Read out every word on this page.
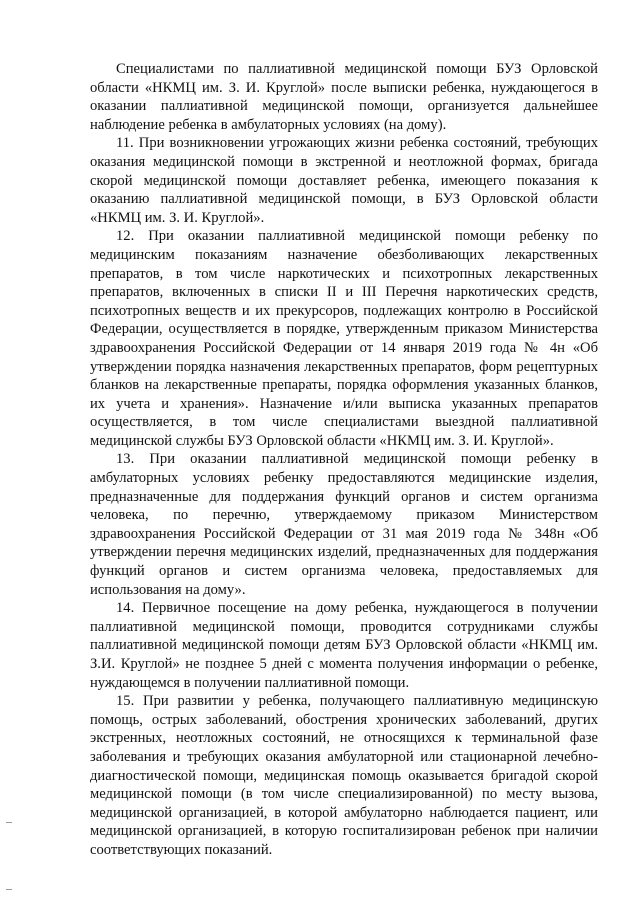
Специалистами по паллиативной медицинской помощи БУЗ Орловской области «НКМЦ им. З. И. Круглой» после выписки ребенка, нуждающегося в оказании паллиативной медицинской помощи, организуется дальнейшее наблюдение ребенка в амбулаторных условиях (на дому).

11. При возникновении угрожающих жизни ребенка состояний, требующих оказания медицинской помощи в экстренной и неотложной формах, бригада скорой медицинской помощи доставляет ребенка, имеющего показания к оказанию паллиативной медицинской помощи, в БУЗ Орловской области «НКМЦ им. З. И. Круглой».

12. При оказании паллиативной медицинской помощи ребенку по медицинским показаниям назначение обезболивающих лекарственных препаратов, в том числе наркотических и психотропных лекарственных препаратов, включенных в списки II и III Перечня наркотических средств, психотропных веществ и их прекурсоров, подлежащих контролю в Российской Федерации, осуществляется в порядке, утвержденным приказом Министерства здравоохранения Российской Федерации от 14 января 2019 года № 4н «Об утверждении порядка назначения лекарственных препаратов, форм рецептурных бланков на лекарственные препараты, порядка оформления указанных бланков, их учета и хранения». Назначение и/или выписка указанных препаратов осуществляется, в том числе специалистами выездной паллиативной медицинской службы БУЗ Орловской области «НКМЦ им. З. И. Круглой».

13. При оказании паллиативной медицинской помощи ребенку в амбулаторных условиях ребенку предоставляются медицинские изделия, предназначенные для поддержания функций органов и систем организма человека, по перечню, утверждаемому приказом Министерством здравоохранения Российской Федерации от 31 мая 2019 года № 348н «Об утверждении перечня медицинских изделий, предназначенных для поддержания функций органов и систем организма человека, предоставляемых для использования на дому».

14. Первичное посещение на дому ребенка, нуждающегося в получении паллиативной медицинской помощи, проводится сотрудниками службы паллиативной медицинской помощи детям БУЗ Орловской области «НКМЦ им. З.И. Круглой» не позднее 5 дней с момента получения информации о ребенке, нуждающемся в получении паллиативной помощи.

15. При развитии у ребенка, получающего паллиативную медицинскую помощь, острых заболеваний, обострения хронических заболеваний, других экстренных, неотложных состояний, не относящихся к терминальной фазе заболевания и требующих оказания амбулаторной или стационарной лечебно-диагностической помощи, медицинская помощь оказывается бригадой скорой медицинской помощи (в том числе специализированной) по месту вызова, медицинской организацией, в которой амбулаторно наблюдается пациент, или медицинской организацией, в которую госпитализирован ребенок при наличии соответствующих показаний.
